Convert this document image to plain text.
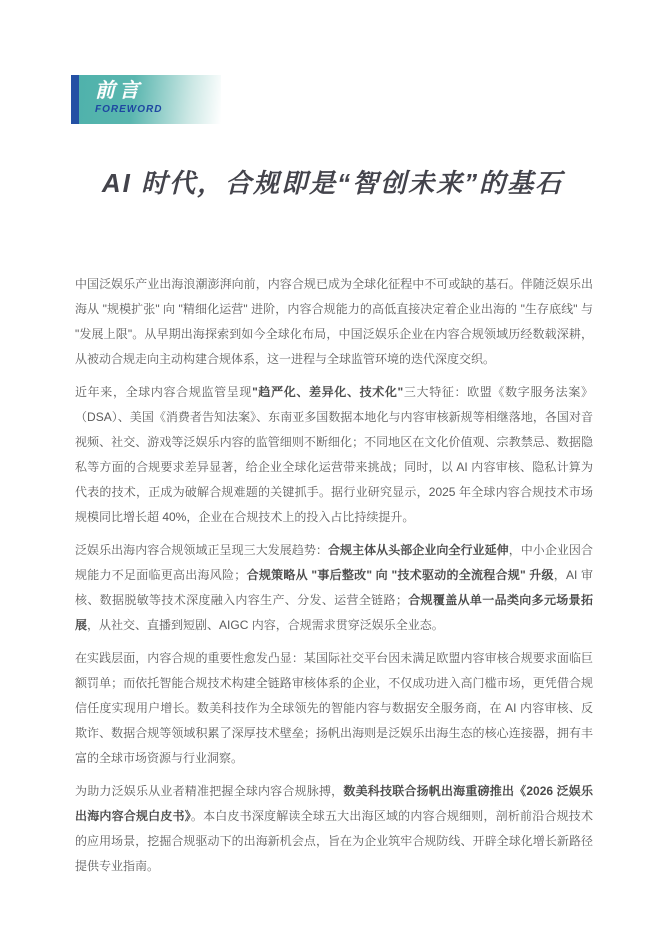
前言
FOREWORD
AI 时代，合规即是“智创未来”的基石

中国泛娱乐产业出海浪潮澎湃向前，内容合规已成为全球化征程中不可或缺的基石。伴随泛娱乐出海从 "规模扩张" 向 "精细化运营" 进阶，内容合规能力的高低直接决定着企业出海的 "生存底线" 与 "发展上限"。从早期出海探索到如今全球化布局，中国泛娱乐企业在内容合规领域历经数载深耕，从被动合规走向主动构建合规体系，这一进程与全球监管环境的迭代深度交织。

近年来，全球内容合规监管呈现"趋严化、差异化、技术化"三大特征：欧盟《数字服务法案》（DSA）、美国《消费者告知法案》、东南亚多国数据本地化与内容审核新规等相继落地，各国对音视频、社交、游戏等泛娱乐内容的监管细则不断细化；不同地区在文化价值观、宗教禁忌、数据隐私等方面的合规要求差异显著，给企业全球化运营带来挑战；同时，以 AI 内容审核、隐私计算为代表的技术，正成为破解合规难题的关键抓手。据行业研究显示，2025 年全球内容合规技术市场规模同比增长超 40%，企业在合规技术上的投入占比持续提升。

泛娱乐出海内容合规领域正呈现三大发展趋势：合规主体从头部企业向全行业延伸，中小企业因合规能力不足面临更高出海风险；合规策略从 "事后整改" 向 "技术驱动的全流程合规" 升级，AI 审核、数据脱敏等技术深度融入内容生产、分发、运营全链路；合规覆盖从单一品类向多元场景拓展，从社交、直播到短剧、AIGC 内容，合规需求贯穿泛娱乐全业态。

在实践层面，内容合规的重要性愈发凸显：某国际社交平台因未满足欧盟内容审核合规要求面临巨额罚单；而依托智能合规技术构建全链路审核体系的企业，不仅成功进入高门槛市场，更凭借合规信任度实现用户增长。数美科技作为全球领先的智能内容与数据安全服务商，在 AI 内容审核、反欺诈、数据合规等领域积累了深厚技术壁垒；扬帆出海则是泛娱乐出海生态的核心连接器，拥有丰富的全球市场资源与行业洞察。

为助力泛娱乐从业者精准把握全球内容合规脉搏，数美科技联合扬帆出海重磅推出《2026 泛娱乐出海内容合规白皮书》。本白皮书深度解读全球五大出海区域的内容合规细则，剖析前沿合规技术的应用场景，挖掘合规驱动下的出海新机会点，旨在为企业筑牢合规防线、开辟全球化增长新路径提供专业指南。
